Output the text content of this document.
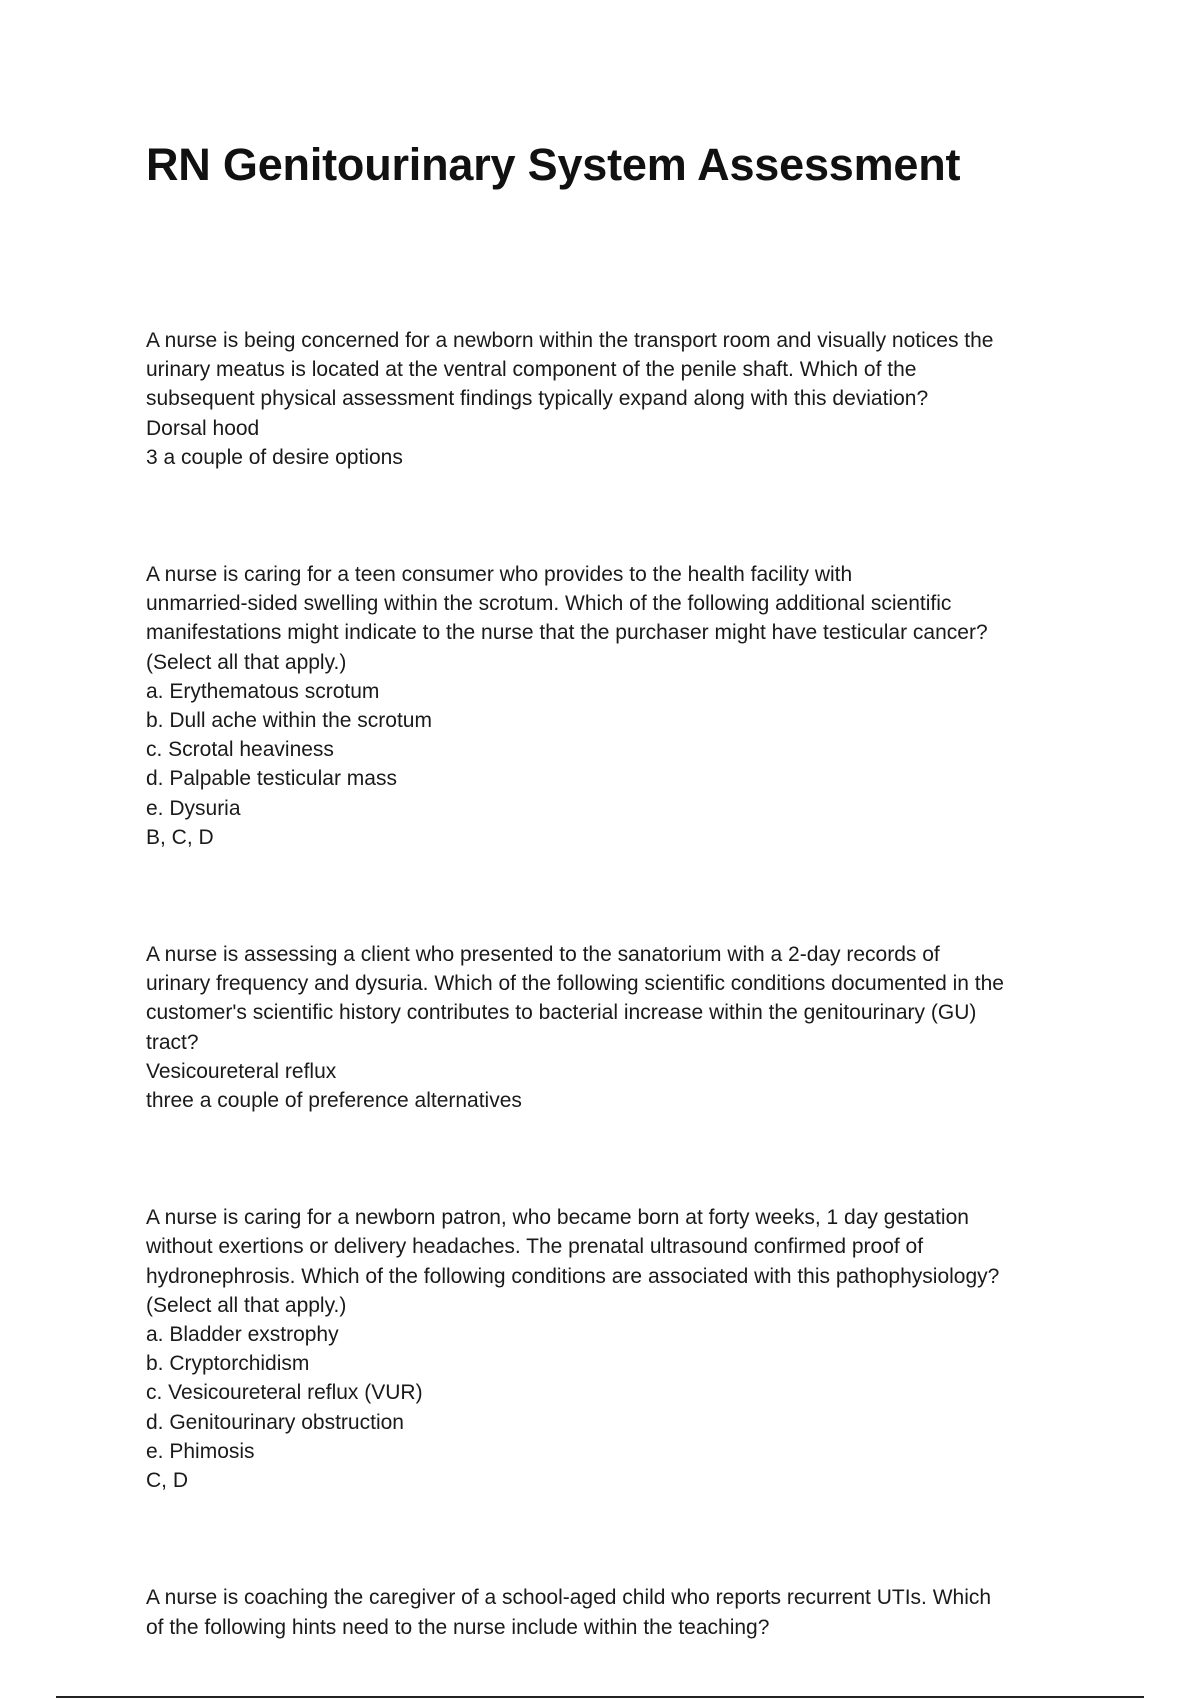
RN Genitourinary System Assessment
A nurse is being concerned for a newborn within the transport room and visually notices the
urinary meatus is located at the ventral component of the penile shaft. Which of the
subsequent physical assessment findings typically expand along with this deviation?
Dorsal hood
3 a couple of desire options
A nurse is caring for a teen consumer who provides to the health facility with
unmarried-sided swelling within the scrotum. Which of the following additional scientific
manifestations might indicate to the nurse that the purchaser might have testicular cancer?
(Select all that apply.)
a. Erythematous scrotum
b. Dull ache within the scrotum
c. Scrotal heaviness
d. Palpable testicular mass
e. Dysuria
B, C, D
A nurse is assessing a client who presented to the sanatorium with a 2-day records of
urinary frequency and dysuria. Which of the following scientific conditions documented in the
customer's scientific history contributes to bacterial increase within the genitourinary (GU)
tract?
Vesicoureteral reflux
three a couple of preference alternatives
A nurse is caring for a newborn patron, who became born at forty weeks, 1 day gestation
without exertions or delivery headaches. The prenatal ultrasound confirmed proof of
hydronephrosis. Which of the following conditions are associated with this pathophysiology?
(Select all that apply.)
a. Bladder exstrophy
b. Cryptorchidism
c. Vesicoureteral reflux (VUR)
d. Genitourinary obstruction
e. Phimosis
C, D
A nurse is coaching the caregiver of a school-aged child who reports recurrent UTIs. Which
of the following hints need to the nurse include within the teaching?
